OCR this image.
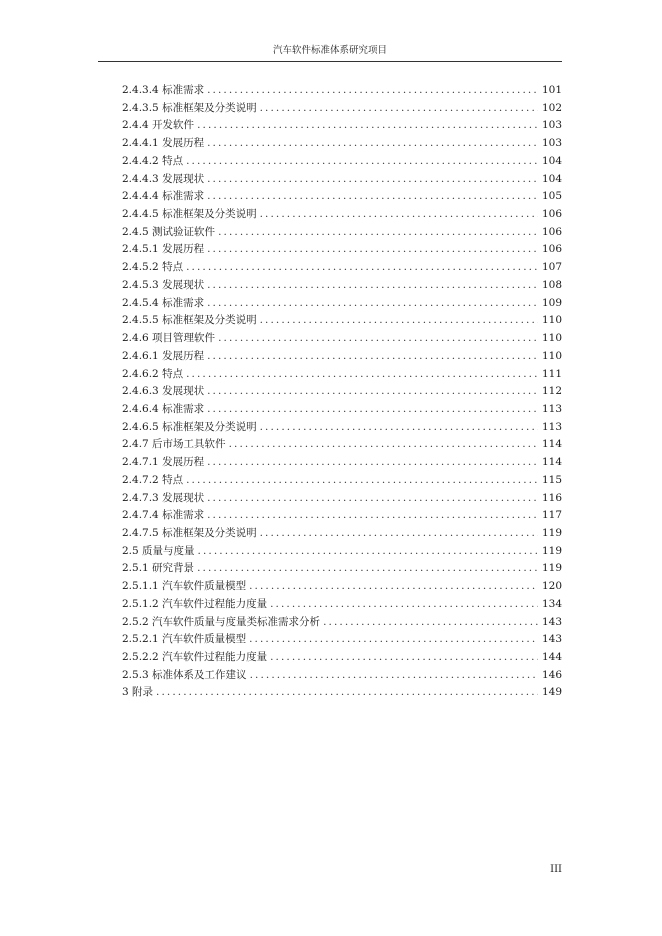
汽车软件标准体系研究项目
2.4.3.4 标准需求 .....	101
2.4.3.5 标准框架及分类说明 .....	102
2.4.4 开发软件 .....	103
2.4.4.1 发展历程 .....	103
2.4.4.2 特点 .....	104
2.4.4.3 发展现状 .....	104
2.4.4.4 标准需求 .....	105
2.4.4.5 标准框架及分类说明 .....	106
2.4.5 测试验证软件 .....	106
2.4.5.1 发展历程 .....	106
2.4.5.2 特点 .....	107
2.4.5.3 发展现状 .....	108
2.4.5.4 标准需求 .....	109
2.4.5.5 标准框架及分类说明 .....	110
2.4.6 项目管理软件 .....	110
2.4.6.1 发展历程 .....	110
2.4.6.2 特点 .....	111
2.4.6.3 发展现状 .....	112
2.4.6.4 标准需求 .....	113
2.4.6.5 标准框架及分类说明 .....	113
2.4.7 后市场工具软件 .....	114
2.4.7.1 发展历程 .....	114
2.4.7.2 特点 .....	115
2.4.7.3 发展现状 .....	116
2.4.7.4 标准需求 .....	117
2.4.7.5 标准框架及分类说明 .....	119
2.5 质量与度量 .....	119
2.5.1 研究背景 .....	119
2.5.1.1 汽车软件质量模型 .....	120
2.5.1.2 汽车软件过程能力度量 .....	134
2.5.2 汽车软件质量与度量类标准需求分析 .....	143
2.5.2.1 汽车软件质量模型 .....	143
2.5.2.2 汽车软件过程能力度量 .....	144
2.5.3 标准体系及工作建议 .....	146
3 附录 .....	149
III
